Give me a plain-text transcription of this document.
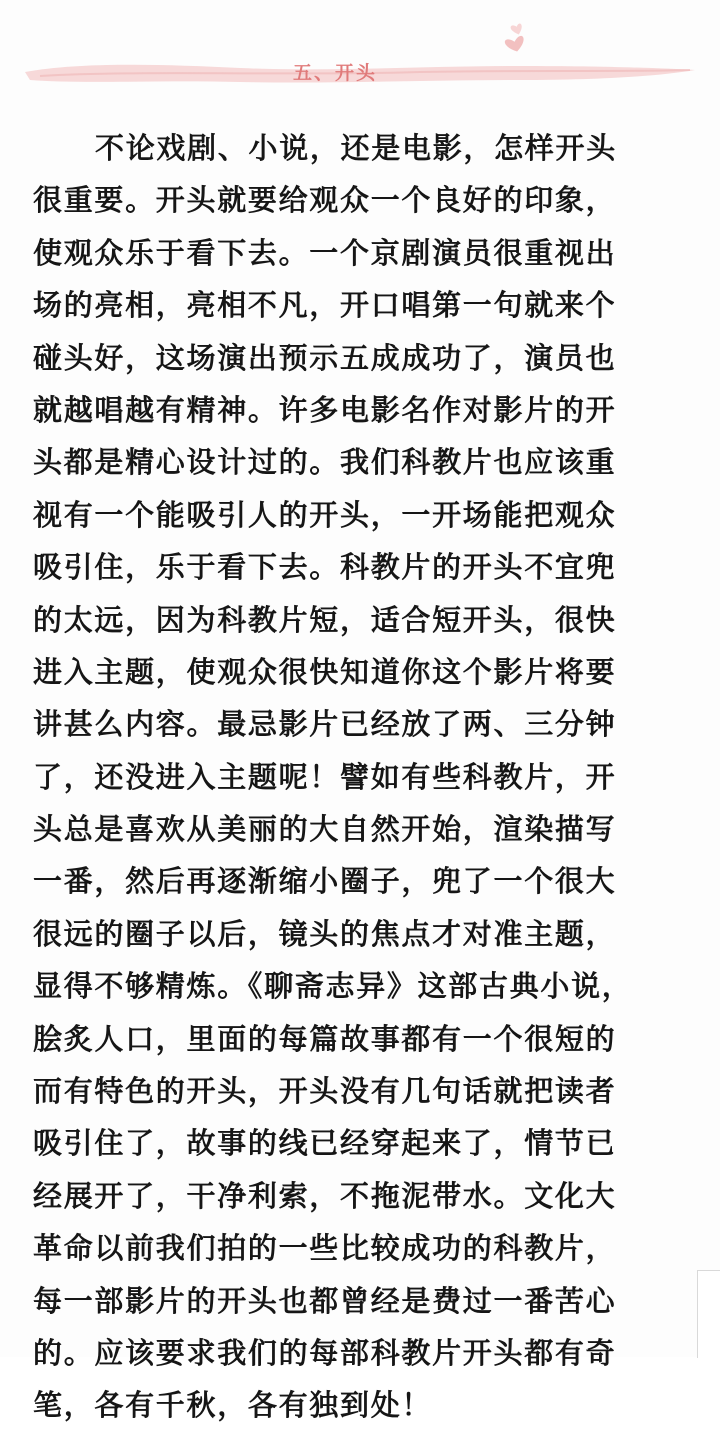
五、开头
不论戏剧、小说，还是电影，怎样开头
很重要。开头就要给观众一个良好的印象，
使观众乐于看下去。一个京剧演员很重视出
场的亮相，亮相不凡，开口唱第一句就来个
碰头好，这场演出预示五成成功了，演员也
就越唱越有精神。许多电影名作对影片的开
头都是精心设计过的。我们科教片也应该重
视有一个能吸引人的开头，一开场能把观众
吸引住，乐于看下去。科教片的开头不宜兜
的太远，因为科教片短，适合短开头，很快
进入主题，使观众很快知道你这个影片将要
讲甚么内容。最忌影片已经放了两、三分钟
了，还没进入主题呢！譬如有些科教片，开
头总是喜欢从美丽的大自然开始，渲染描写
一番，然后再逐渐缩小圈子，兜了一个很大
很远的圈子以后，镜头的焦点才对准主题，
显得不够精炼。《聊斋志异》这部古典小说，
脍炙人口，里面的每篇故事都有一个很短的
而有特色的开头，开头没有几句话就把读者
吸引住了，故事的线已经穿起来了，情节已
经展开了，干净利索，不拖泥带水。文化大
革命以前我们拍的一些比较成功的科教片，
每一部影片的开头也都曾经是费过一番苦心
的。应该要求我们的每部科教片开头都有奇
笔，各有千秋，各有独到处！
